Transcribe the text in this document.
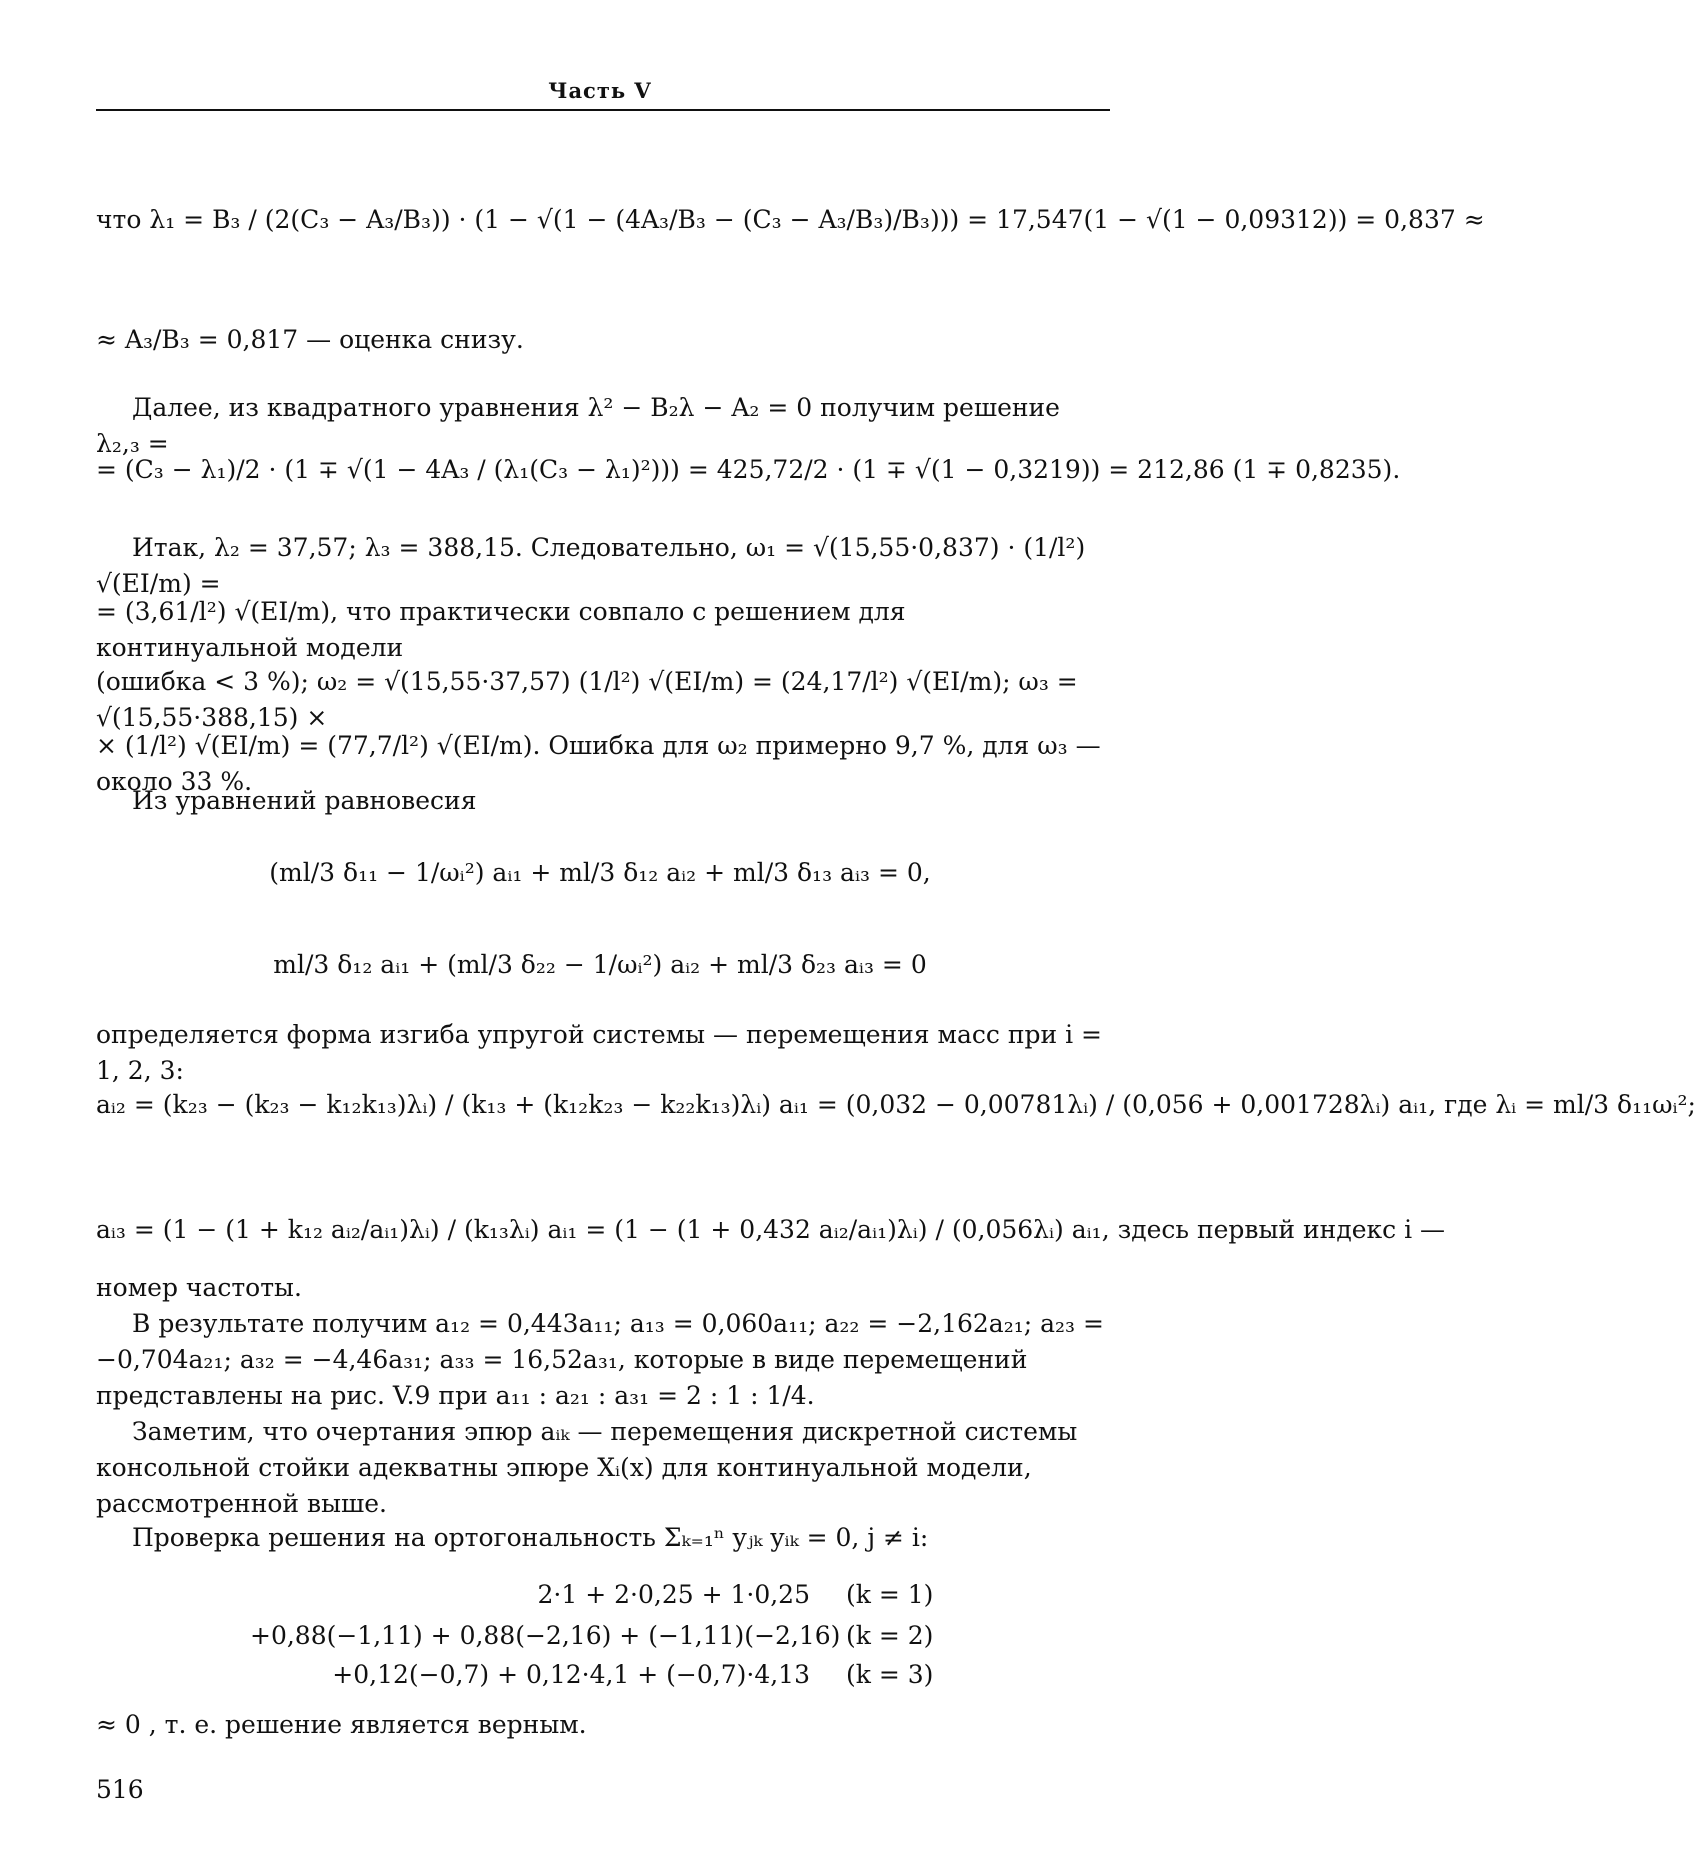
Часть V
что λ₁ = B₃ / (2(C₃ − A₃/B₃)) · (1 − √(1 − (4A₃/B₃ − (C₃ − A₃/B₃)/B₃))) = 17,547(1 − √(1 − 0,09312)) = 0,837 ≈
≈ A₃/B₃ = 0,817 — оценка снизу.
Далее, из квадратного уравнения λ² − B₂λ − A₂ = 0 получим решение λ₂,₃ =
= (C₃ − λ₁)/2 · (1 ∓ √(1 − 4A₃ / (λ₁(C₃ − λ₁)²))) = 425,72/2 · (1 ∓ √(1 − 0,3219)) = 212,86 (1 ∓ 0,8235).
Итак, λ₂ = 37,57; λ₃ = 388,15. Следовательно, ω₁ = √(15,55·0,837) · (1/l²) √(EI/m) =
= (3,61/l²) √(EI/m), что практически совпало с решением для континуальной модели
(ошибка < 3 %); ω₂ = √(15,55·37,57) (1/l²) √(EI/m) = (24,17/l²) √(EI/m); ω₃ = √(15,55·388,15) ×
× (1/l²) √(EI/m) = (77,7/l²) √(EI/m). Ошибка для ω₂ примерно 9,7 %, для ω₃ — около 33 %.
Из уравнений равновесия
(ml/3 δ₁₁ − 1/ωᵢ²) aᵢ₁ + ml/3 δ₁₂ aᵢ₂ + ml/3 δ₁₃ aᵢ₃ = 0,
ml/3 δ₁₂ aᵢ₁ + (ml/3 δ₂₂ − 1/ωᵢ²) aᵢ₂ + ml/3 δ₂₃ aᵢ₃ = 0
определяется форма изгиба упругой системы — перемещения масс при i = 1, 2, 3:
aᵢ₂ = (k₂₃ − (k₂₃ − k₁₂k₁₃)λᵢ) / (k₁₃ + (k₁₂k₂₃ − k₂₂k₁₃)λᵢ) aᵢ₁ = (0,032 − 0,00781λᵢ) / (0,056 + 0,001728λᵢ) aᵢ₁, где λᵢ = ml/3 δ₁₁ωᵢ²;
aᵢ₃ = (1 − (1 + k₁₂ aᵢ₂/aᵢ₁)λᵢ) / (k₁₃λᵢ) aᵢ₁ = (1 − (1 + 0,432 aᵢ₂/aᵢ₁)λᵢ) / (0,056λᵢ) aᵢ₁, здесь первый индекс i —
номер частоты.
В результате получим a₁₂ = 0,443a₁₁; a₁₃ = 0,060a₁₁; a₂₂ = −2,162a₂₁; a₂₃ = −0,704a₂₁; a₃₂ = −4,46a₃₁; a₃₃ = 16,52a₃₁, которые в виде перемещений представлены на рис. V.9 при a₁₁ : a₂₁ : a₃₁ = 2 : 1 : 1/4.
Заметим, что очертания эпюр aᵢₖ — перемещения дискретной системы консольной стойки адекватны эпюре Xᵢ(x) для континуальной модели, рассмотренной выше.
Проверка решения на ортогональность Σₖ₌₁ⁿ yⱼₖ yᵢₖ = 0, j ≠ i:
2·1 + 2·0,25 + 1·0,25 (k = 1)
+0,88(−1,11) + 0,88(−2,16) + (−1,11)(−2,16) (k = 2)
+0,12(−0,7) + 0,12·4,1 + (−0,7)·4,13 (k = 3)
≈ 0 , т. е. решение является верным.
516
